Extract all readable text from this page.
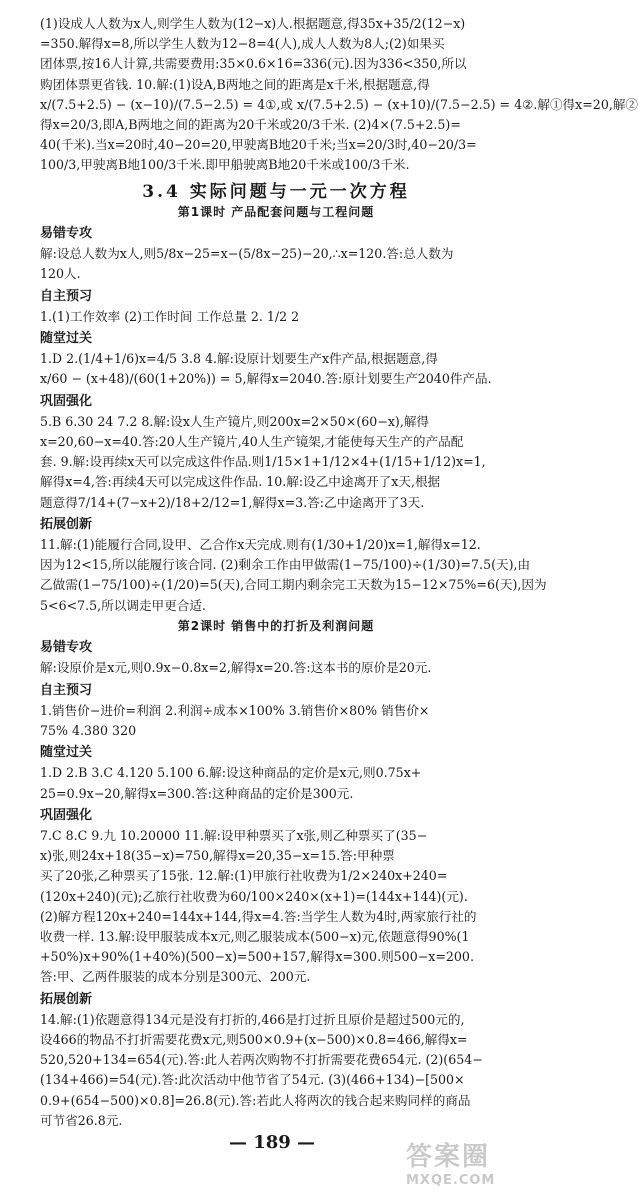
(1)设成人人数为x人,则学生人数为(12−x)人.根据题意,得35x+35/2(12−x)
=350.解得x=8,所以学生人数为12−8=4(人),成人人数为8人;(2)如果买
团体票,按16人计算,共需要费用:35×0.6×16=336(元).因为336<350,所以
购团体票更省钱. 10.解:(1)设A,B两地之间的距离是x千米,根据题意,得
x/(7.5+2.5) − (x−10)/(7.5−2.5) = 4①,或 x/(7.5+2.5) − (x+10)/(7.5−2.5) = 4②.解①得x=20,解②
得x=20/3,即A,B两地之间的距离为20千米或20/3千米. (2)4×(7.5+2.5)=
40(千米).当x=20时,40−20=20,甲驶离B地20千米;当x=20/3时,40−20/3=
100/3,甲驶离B地100/3千米.即甲船驶离B地20千米或100/3千米.
3.4 实际问题与一元一次方程
第1课时 产品配套问题与工程问题
易错专攻
解:设总人数为x人,则5/8x−25=x−(5/8x−25)−20,∴x=120.答:总人数为
120人.
自主预习
1.(1)工作效率 (2)工作时间 工作总量 2. 1/2 2
随堂过关
1.D 2.(1/4+1/6)x=4/5 3.8 4.解:设原计划要生产x件产品,根据题意,得
x/60 − (x+48)/(60(1+20%)) = 5,解得x=2040.答:原计划要生产2040件产品.
巩固强化
5.B 6.30 24 7.2 8.解:设x人生产镜片,则200x=2×50×(60−x),解得
x=20,60−x=40.答:20人生产镜片,40人生产镜架,才能使每天生产的产品配
套. 9.解:设再续x天可以完成这件作品.则1/15×1+1/12×4+(1/15+1/12)x=1,
解得x=4,答:再续4天可以完成这件作品. 10.解:设乙中途离开了x天,根据
题意得7/14+(7−x+2)/18+2/12=1,解得x=3.答:乙中途离开了3天.
拓展创新
11.解:(1)能履行合同,设甲、乙合作x天完成.则有(1/30+1/20)x=1,解得x=12.
因为12<15,所以能履行该合同. (2)剩余工作由甲做需(1−75/100)÷(1/30)=7.5(天),由
乙做需(1−75/100)÷(1/20)=5(天),合同工期内剩余完工天数为15−12×75%=6(天),因为
5<6<7.5,所以调走甲更合适.
第2课时 销售中的打折及利润问题
易错专攻
解:设原价是x元,则0.9x−0.8x=2,解得x=20.答:这本书的原价是20元.
自主预习
1.销售价−进价=利润 2.利润÷成本×100% 3.销售价×80% 销售价×
75% 4.380 320
随堂过关
1.D 2.B 3.C 4.120 5.100 6.解:设这种商品的定价是x元,则0.75x+
25=0.9x−20,解得x=300.答:这种商品的定价是300元.
巩固强化
7.C 8.C 9.九 10.20000 11.解:设甲种票买了x张,则乙种票买了(35−
x)张,则24x+18(35−x)=750,解得x=20,35−x=15.答:甲种票
买了20张,乙种票买了15张. 12.解:(1)甲旅行社收费为1/2×240x+240=
(120x+240)(元);乙旅行社收费为60/100×240×(x+1)=(144x+144)(元).
(2)解方程120x+240=144x+144,得x=4.答:当学生人数为4时,两家旅行社的
收费一样. 13.解:设甲服装成本x元,则乙服装成本(500−x)元,依题意得90%(1
+50%)x+90%(1+40%)(500−x)=500+157,解得x=300.则500−x=200.
答:甲、乙两件服装的成本分别是300元、200元.
拓展创新
14.解:(1)依题意得134元是没有打折的,466是打过折且原价是超过500元的,
设466的物品不打折需要花费x元,则500×0.9+(x−500)×0.8=466,解得x=
520,520+134=654(元).答:此人若两次购物不打折需要花费654元. (2)(654−
(134+466)=54(元).答:此次活动中他节省了54元. (3)(466+134)−[500×
0.9+(654−500)×0.8]=26.8(元).答:若此人将两次的钱合起来购同样的商品
可节省26.8元.
— 189 —	答案圈
MXQE.COM
